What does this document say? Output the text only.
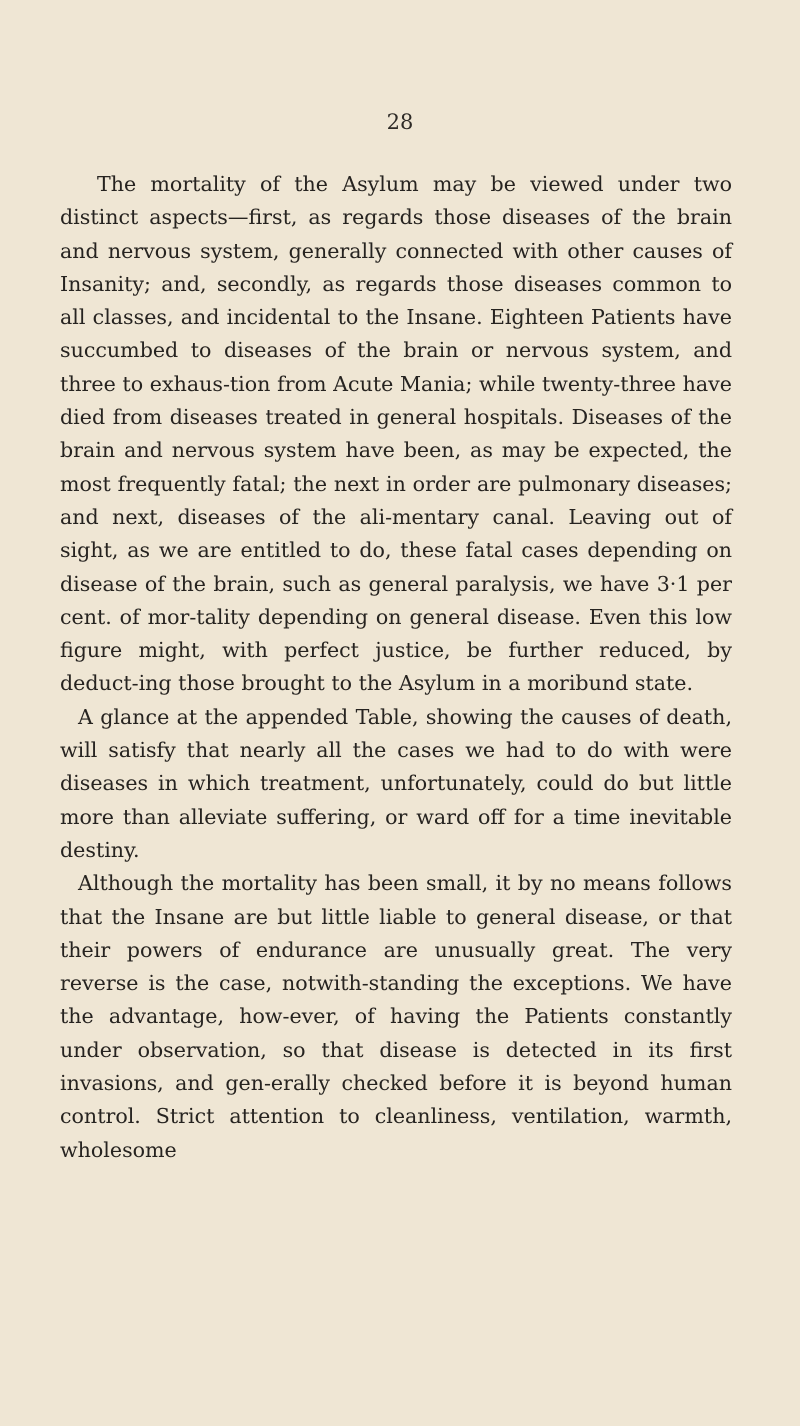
28

The mortality of the Asylum may be viewed under two distinct aspects—first, as regards those diseases of the brain and nervous system, generally connected with other causes of Insanity; and, secondly, as regards those diseases common to all classes, and incidental to the Insane. Eighteen Patients have succumbed to diseases of the brain or nervous system, and three to exhaus-tion from Acute Mania; while twenty-three have died from diseases treated in general hospitals. Diseases of the brain and nervous system have been, as may be expected, the most frequently fatal; the next in order are pulmonary diseases; and next, diseases of the ali-mentary canal. Leaving out of sight, as we are entitled to do, these fatal cases depending on disease of the brain, such as general paralysis, we have 3·1 per cent. of mor-tality depending on general disease. Even this low figure might, with perfect justice, be further reduced, by deduct-ing those brought to the Asylum in a moribund state.

A glance at the appended Table, showing the causes of death, will satisfy that nearly all the cases we had to do with were diseases in which treatment, unfortunately, could do but little more than alleviate suffering, or ward off for a time inevitable destiny.

Although the mortality has been small, it by no means follows that the Insane are but little liable to general disease, or that their powers of endurance are unusually great. The very reverse is the case, notwith-standing the exceptions. We have the advantage, how-ever, of having the Patients constantly under observation, so that disease is detected in its first invasions, and gen-erally checked before it is beyond human control. Strict attention to cleanliness, ventilation, warmth, wholesome
